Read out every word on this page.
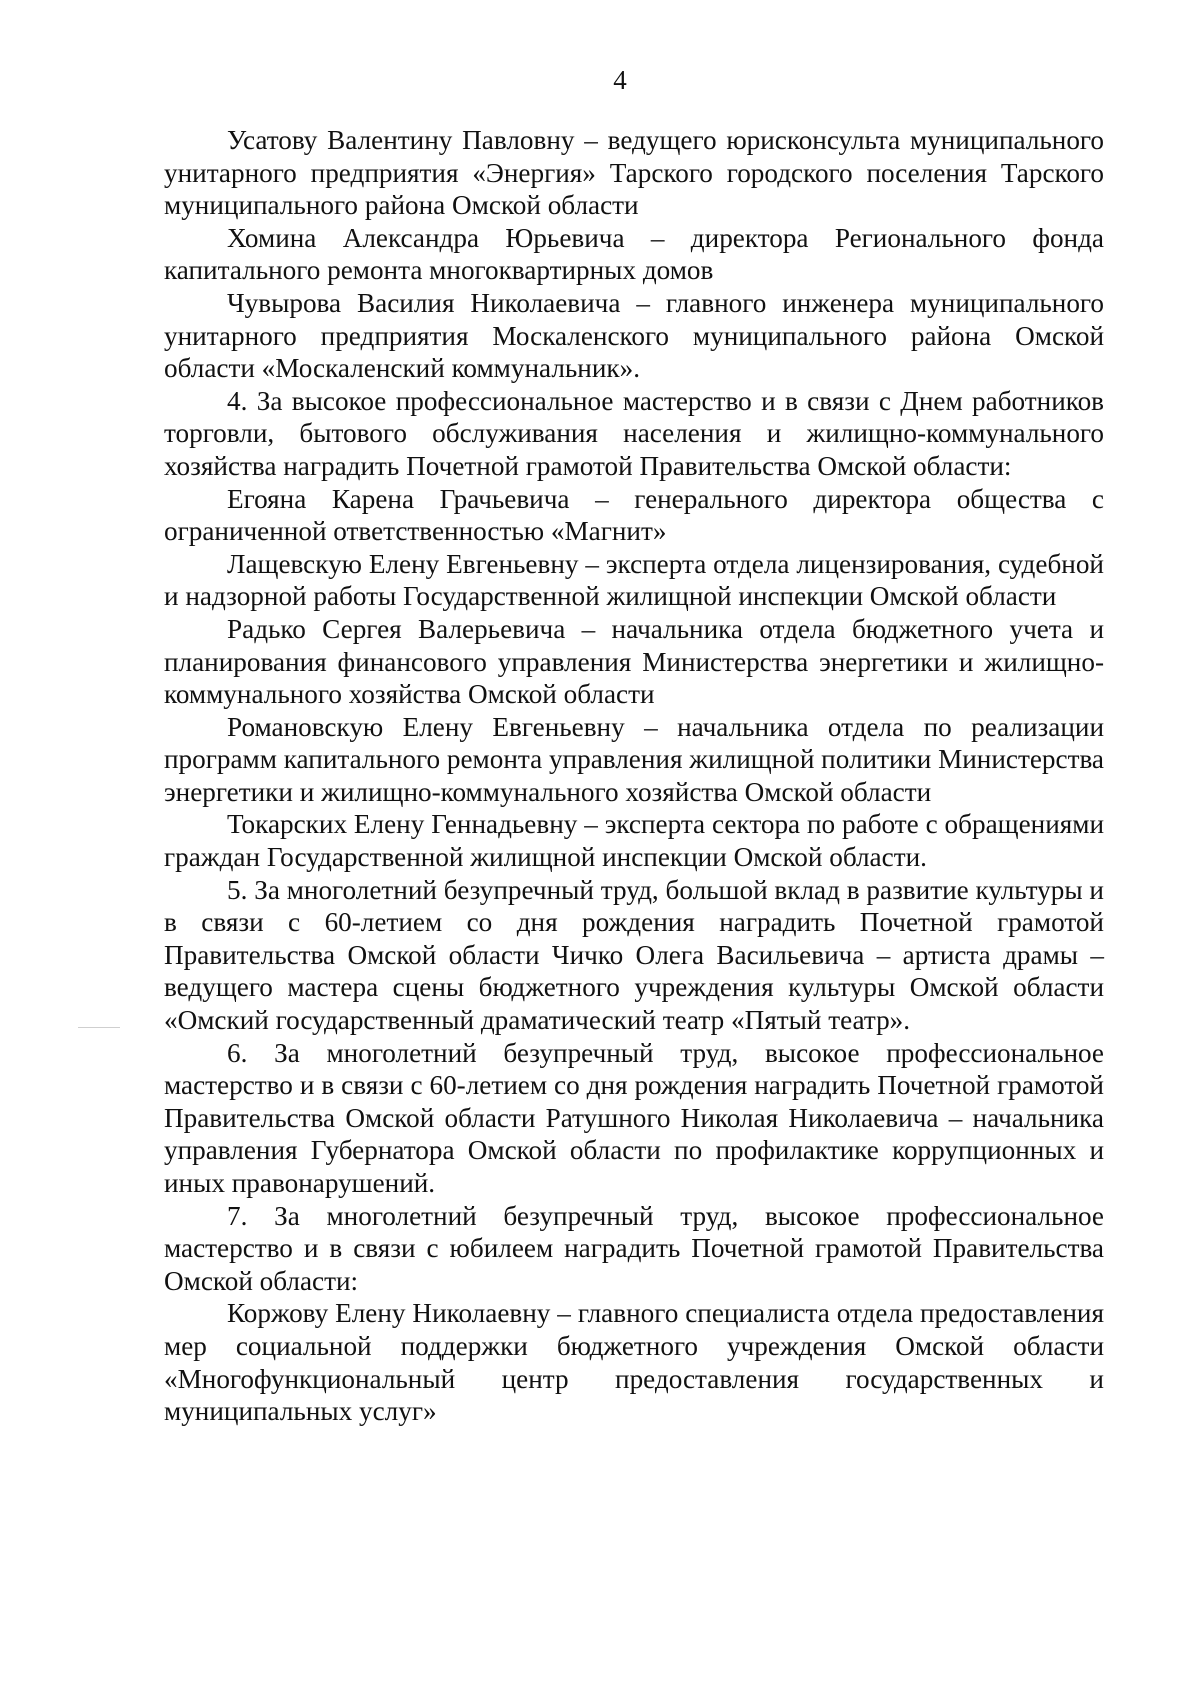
4

Усатову Валентину Павловну – ведущего юрисконсульта муниципального унитарного предприятия «Энергия» Тарского городского поселения Тарского муниципального района Омской области

Хомина Александра Юрьевича – директора Регионального фонда капитального ремонта многоквартирных домов

Чувырова Василия Николаевича – главного инженера муниципального унитарного предприятия Москаленского муниципального района Омской области «Москаленский коммунальник».

4. За высокое профессиональное мастерство и в связи с Днем работников торговли, бытового обслуживания населения и жилищно-коммунального хозяйства наградить Почетной грамотой Правительства Омской области:

Егояна Карена Грачьевича – генерального директора общества с ограниченной ответственностью «Магнит»

Лащевскую Елену Евгеньевну – эксперта отдела лицензирования, судебной и надзорной работы Государственной жилищной инспекции Омской области

Радько Сергея Валерьевича – начальника отдела бюджетного учета и планирования финансового управления Министерства энергетики и жилищно-коммунального хозяйства Омской области

Романовскую Елену Евгеньевну – начальника отдела по реализации программ капитального ремонта управления жилищной политики Министерства энергетики и жилищно-коммунального хозяйства Омской области

Токарских Елену Геннадьевну – эксперта сектора по работе с обращениями граждан Государственной жилищной инспекции Омской области.

5. За многолетний безупречный труд, большой вклад в развитие культуры и в связи с 60-летием со дня рождения наградить Почетной грамотой Правительства Омской области Чичко Олега Васильевича – артиста драмы – ведущего мастера сцены бюджетного учреждения культуры Омской области «Омский государственный драматический театр «Пятый театр».

6. За многолетний безупречный труд, высокое профессиональное мастерство и в связи с 60-летием со дня рождения наградить Почетной грамотой Правительства Омской области Ратушного Николая Николаевича – начальника управления Губернатора Омской области по профилактике коррупционных и иных правонарушений.

7. За многолетний безупречный труд, высокое профессиональное мастерство и в связи с юбилеем наградить Почетной грамотой Правительства Омской области:

Коржову Елену Николаевну – главного специалиста отдела предоставления мер социальной поддержки бюджетного учреждения Омской области «Многофункциональный центр предоставления государственных и муниципальных услуг»
